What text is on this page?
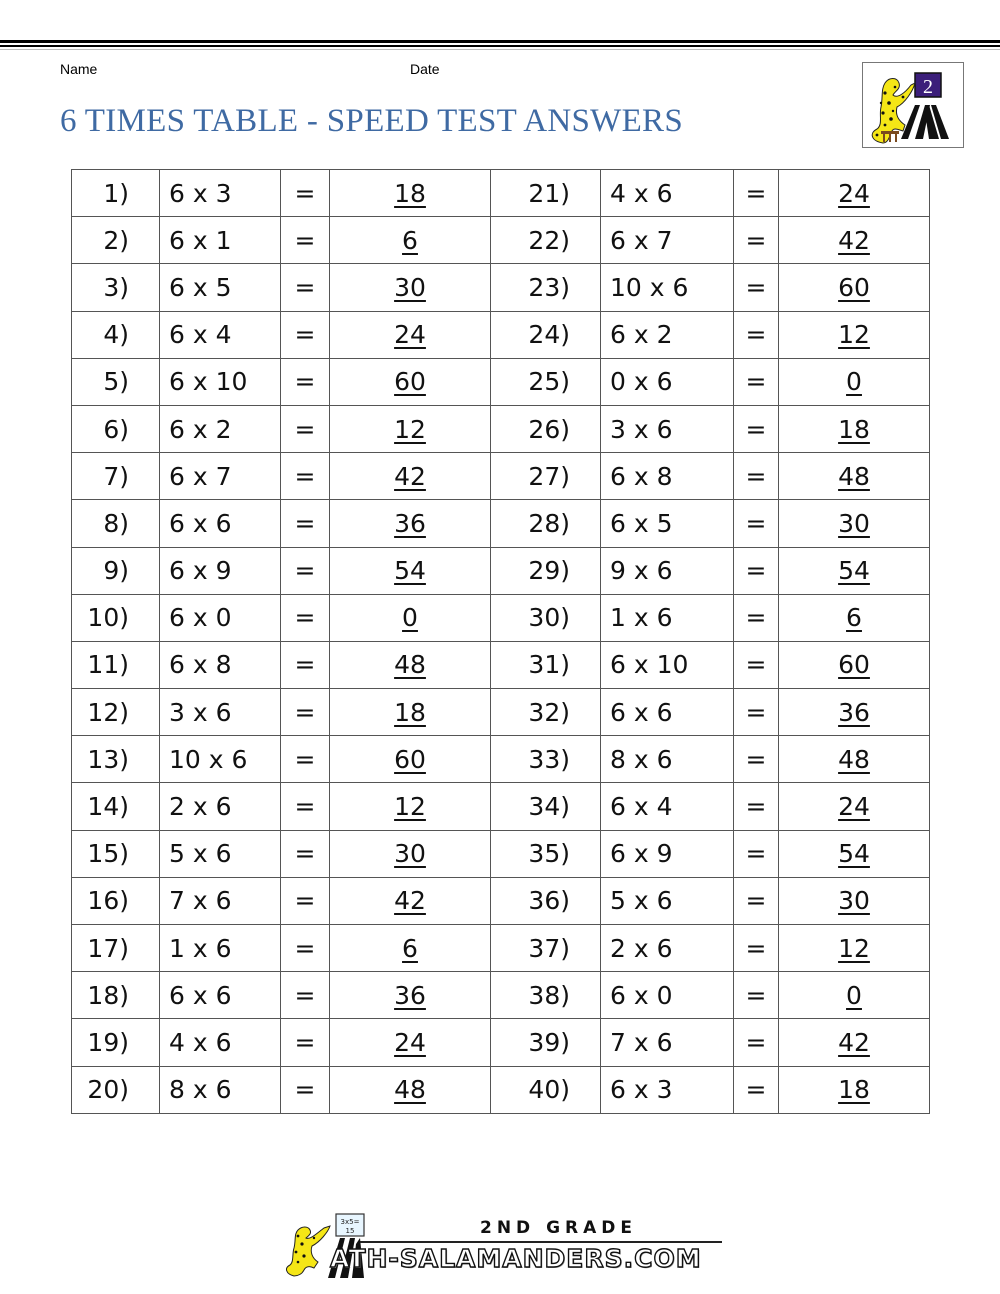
Name	Date
6 TIMES TABLE - SPEED TEST ANSWERS
2
1)	6 x 3	=	18	21)	4 x 6	=	24
2)	6 x 1	=	6	22)	6 x 7	=	42
3)	6 x 5	=	30	23)	10 x 6	=	60
4)	6 x 4	=	24	24)	6 x 2	=	12
5)	6 x 10	=	60	25)	0 x 6	=	0
6)	6 x 2	=	12	26)	3 x 6	=	18
7)	6 x 7	=	42	27)	6 x 8	=	48
8)	6 x 6	=	36	28)	6 x 5	=	30
9)	6 x 9	=	54	29)	9 x 6	=	54
10)	6 x 0	=	0	30)	1 x 6	=	6
11)	6 x 8	=	48	31)	6 x 10	=	60
12)	3 x 6	=	18	32)	6 x 6	=	36
13)	10 x 6	=	60	33)	8 x 6	=	48
14)	2 x 6	=	12	34)	6 x 4	=	24
15)	5 x 6	=	30	35)	6 x 9	=	54
16)	7 x 6	=	42	36)	5 x 6	=	30
17)	1 x 6	=	6	37)	2 x 6	=	12
18)	6 x 6	=	36	38)	6 x 0	=	0
19)	4 x 6	=	24	39)	7 x 6	=	42
20)	8 x 6	=	48	40)	6 x 3	=	18
3x5=
15	2ND GRADE
ATH-SALAMANDERS.COM
